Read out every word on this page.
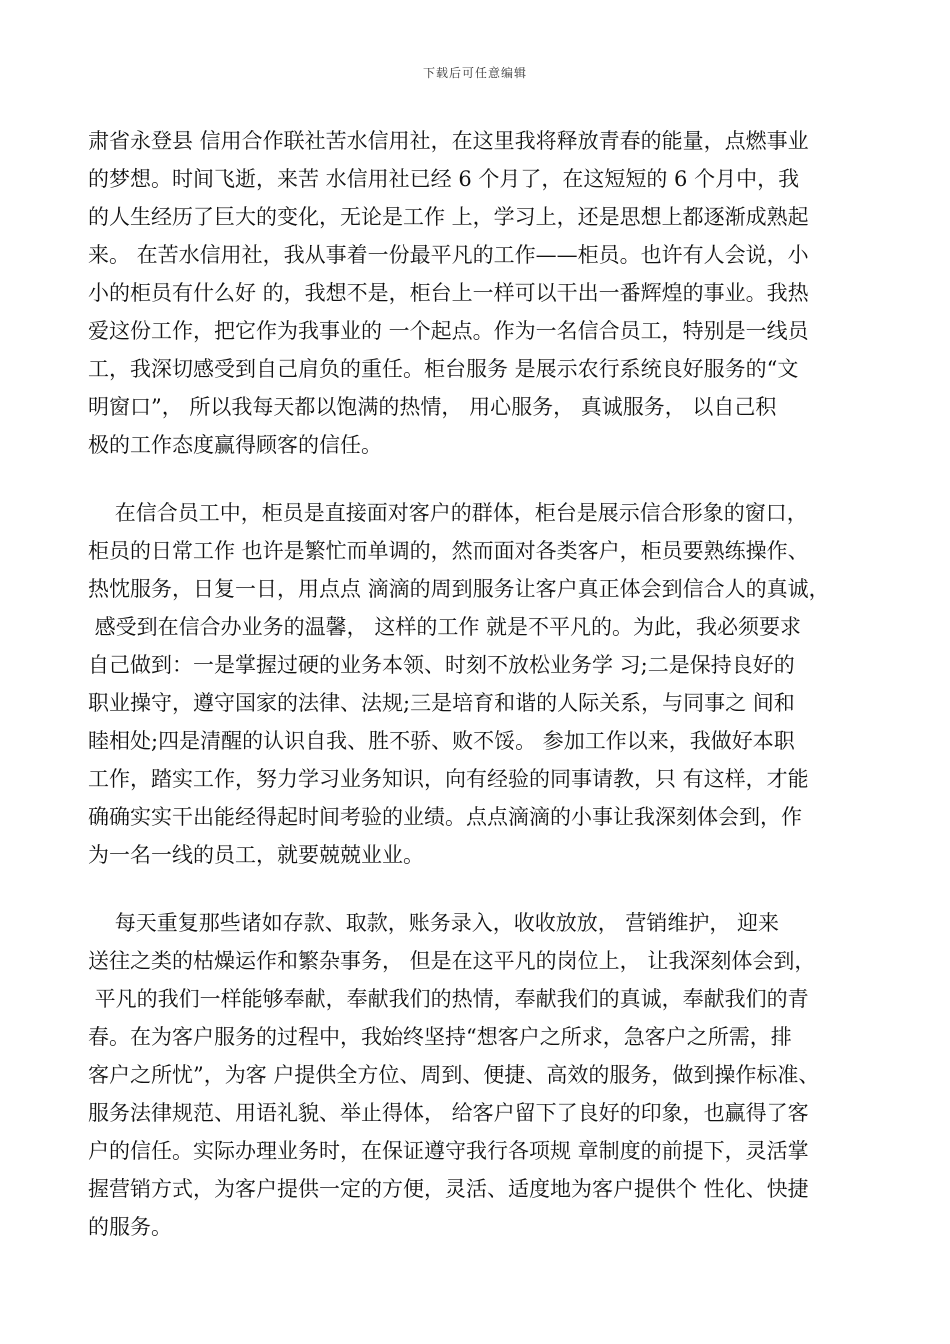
下载后可任意编辑
肃省永登县 信用合作联社苦水信用社，在这里我将释放青春的能量，点燃事业
的梦想。时间飞逝，来苦 水信用社已经 6 个月了，在这短短的 6 个月中，我
的人生经历了巨大的变化，无论是工作 上，学习上，还是思想上都逐渐成熟起
来。 在苦水信用社，我从事着一份最平凡的工作——柜员。也许有人会说，小
小的柜员有什么好 的，我想不是，柜台上一样可以干出一番辉煌的事业。我热
爱这份工作，把它作为我事业的 一个起点。作为一名信合员工，特别是一线员
工，我深切感受到自己肩负的重任。柜台服务 是展示农行系统良好服务的“文
明窗口”， 所以我每天都以饱满的热情， 用心服务， 真诚服务， 以自己积
极的工作态度赢得顾客的信任。
在信合员工中，柜员是直接面对客户的群体，柜台是展示信合形象的窗口，
柜员的日常工作 也许是繁忙而单调的，然而面对各类客户，柜员要熟练操作、
热忱服务，日复一日，用点点 滴滴的周到服务让客户真正体会到信合人的真诚，
感受到在信合办业务的温馨， 这样的工作 就是不平凡的。为此，我必须要求
自己做到：一是掌握过硬的业务本领、时刻不放松业务学 习;二是保持良好的
职业操守，遵守国家的法律、法规;三是培育和谐的人际关系，与同事之 间和
睦相处;四是清醒的认识自我、胜不骄、败不馁。 参加工作以来，我做好本职
工作，踏实工作，努力学习业务知识，向有经验的同事请教，只 有这样，才能
确确实实干出能经得起时间考验的业绩。点点滴滴的小事让我深刻体会到，作
为一名一线的员工，就要兢兢业业。
每天重复那些诸如存款、取款，账务录入，收收放放， 营销维护， 迎来
送往之类的枯燥运作和繁杂事务， 但是在这平凡的岗位上， 让我深刻体会到，
平凡的我们一样能够奉献，奉献我们的热情，奉献我们的真诚，奉献我们的青
春。在为客户服务的过程中，我始终坚持“想客户之所求，急客户之所需，排
客户之所忧”，为客 户提供全方位、周到、便捷、高效的服务，做到操作标准、
服务法律规范、用语礼貌、举止得体， 给客户留下了良好的印象，也赢得了客
户的信任。实际办理业务时，在保证遵守我行各项规 章制度的前提下，灵活掌
握营销方式，为客户提供一定的方便，灵活、适度地为客户提供个 性化、快捷
的服务。
